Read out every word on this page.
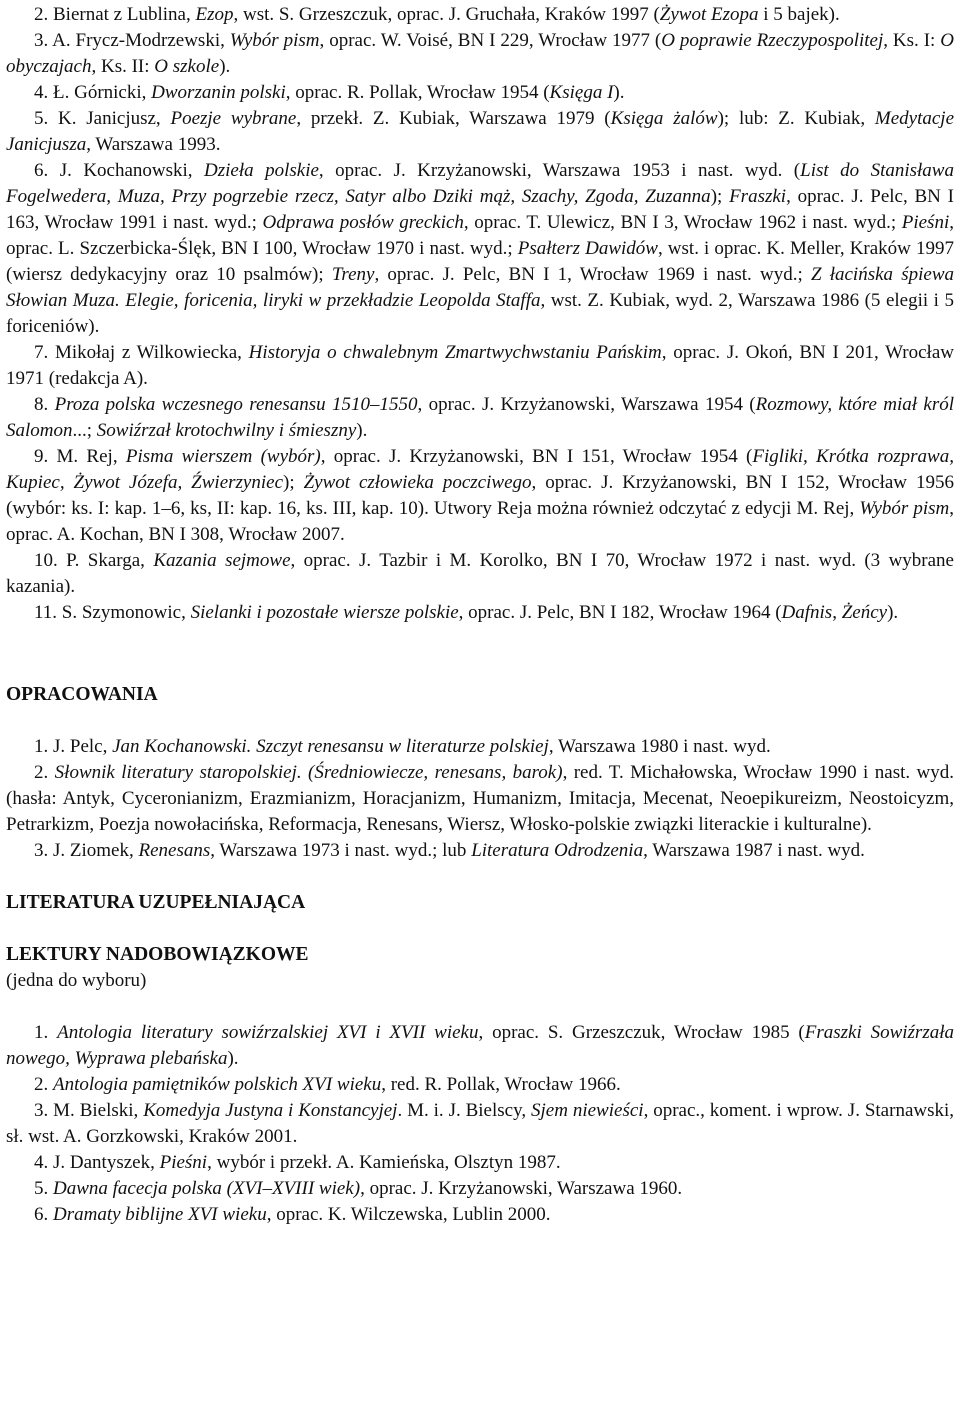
2. Biernat z Lublina, Ezop, wst. S. Grzeszczuk, oprac. J. Gruchała, Kraków 1997 (Żywot Ezopa i 5 bajek).

3. A. Frycz-Modrzewski, Wybór pism, oprac. W. Voisé, BN I 229, Wrocław 1977 (O poprawie Rzeczypospolitej, Ks. I: O obyczajach, Ks. II: O szkole).

4. Ł. Górnicki, Dworzanin polski, oprac. R. Pollak, Wrocław 1954 (Księga I).

5. K. Janicjusz, Poezje wybrane, przekł. Z. Kubiak, Warszawa 1979 (Księga żalów); lub: Z. Kubiak, Medytacje Janicjusza, Warszawa 1993.

6. J. Kochanowski, Dzieła polskie, oprac. J. Krzyżanowski, Warszawa 1953 i nast. wyd. (List do Stanisława Fogelwedera, Muza, Przy pogrzebie rzecz, Satyr albo Dziki mąż, Szachy, Zgoda, Zuzanna); Fraszki, oprac. J. Pelc, BN I 163, Wrocław 1991 i nast. wyd.; Odprawa posłów greckich, oprac. T. Ulewicz, BN I 3, Wrocław 1962 i nast. wyd.; Pieśni, oprac. L. Szczerbicka-Ślęk, BN I 100, Wrocław 1970 i nast. wyd.; Psałterz Dawidów, wst. i oprac. K. Meller, Kraków 1997 (wiersz dedykacyjny oraz 10 psalmów); Treny, oprac. J. Pelc, BN I 1, Wrocław 1969 i nast. wyd.; Z łacińska śpiewa Słowian Muza. Elegie, foricenia, liryki w przekładzie Leopolda Staffa, wst. Z. Kubiak, wyd. 2, Warszawa 1986 (5 elegii i 5 foriceniów).

7. Mikołaj z Wilkowiecka, Historyja o chwalebnym Zmartwychwstaniu Pańskim, oprac. J. Okoń, BN I 201, Wrocław 1971 (redakcja A).

8. Proza polska wczesnego renesansu 1510–1550, oprac. J. Krzyżanowski, Warszawa 1954 (Rozmowy, które miał król Salomon...; Sowiźrzał krotochwilny i śmieszny).

9. M. Rej, Pisma wierszem (wybór), oprac. J. Krzyżanowski, BN I 151, Wrocław 1954 (Figliki, Krótka rozprawa, Kupiec, Żywot Józefa, Źwierzyniec); Żywot człowieka poczciwego, oprac. J. Krzyżanowski, BN I 152, Wrocław 1956 (wybór: ks. I: kap. 1–6, ks, II: kap. 16, ks. III, kap. 10). Utwory Reja można również odczytać z edycji M. Rej, Wybór pism, oprac. A. Kochan, BN I 308, Wrocław 2007.

10. P. Skarga, Kazania sejmowe, oprac. J. Tazbir i M. Korolko, BN I 70, Wrocław 1972 i nast. wyd. (3 wybrane kazania).

11. S. Szymonowic, Sielanki i pozostałe wiersze polskie, oprac. J. Pelc, BN I 182, Wrocław 1964 (Dafnis, Żeńcy).

OPRACOWANIA

1. J. Pelc, Jan Kochanowski. Szczyt renesansu w literaturze polskiej, Warszawa 1980 i nast. wyd.

2. Słownik literatury staropolskiej. (Średniowiecze, renesans, barok), red. T. Michałowska, Wrocław 1990 i nast. wyd. (hasła: Antyk, Cyceronianizm, Erazmianizm, Horacjanizm, Humanizm, Imitacja, Mecenat, Neoepikureizm, Neostoicyzm, Petrarkizm, Poezja nowołacińska, Reformacja, Renesans, Wiersz, Włosko-polskie związki literackie i kulturalne).

3. J. Ziomek, Renesans, Warszawa 1973 i nast. wyd.; lub Literatura Odrodzenia, Warszawa 1987 i nast. wyd.

LITERATURA UZUPEŁNIAJĄCA
LEKTURY NADOBOWIĄZKOWE

(jedna do wyboru)

1. Antologia literatury sowiźrzalskiej XVI i XVII wieku, oprac. S. Grzeszczuk, Wrocław 1985 (Fraszki Sowiźrzała nowego, Wyprawa plebańska).

2. Antologia pamiętników polskich XVI wieku, red. R. Pollak, Wrocław 1966.

3. M. Bielski, Komedyja Justyna i Konstancyjej. M. i. J. Bielscy, Sjem niewieści, oprac., koment. i wprow. J. Starnawski, sł. wst. A. Gorzkowski, Kraków 2001.

4. J. Dantyszek, Pieśni, wybór i przekł. A. Kamieńska, Olsztyn 1987.

5. Dawna facecja polska (XVI–XVIII wiek), oprac. J. Krzyżanowski, Warszawa 1960.

6. Dramaty biblijne XVI wieku, oprac. K. Wilczewska, Lublin 2000.
